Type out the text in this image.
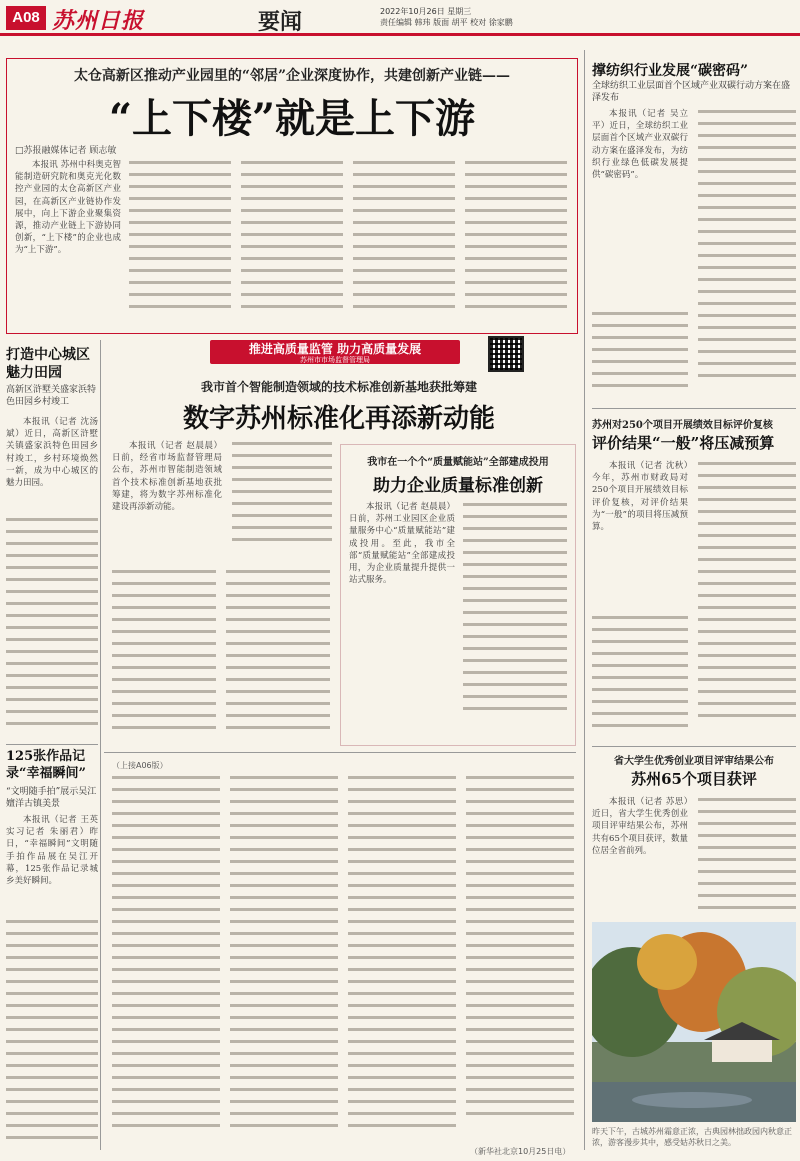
A08 苏州日报	要闻	2022年10月26日 星期三
责任编辑 韩玮 版面 胡平 校对 徐家鹏
太仓高新区推动产业园里的“邻居”企业深度协作，共建创新产业链——
“上下楼”就是上下游
□苏报融媒体记者 顾志敏
本报讯 苏州中科奥克智能制造研究院和奥克光化数控产业园的太仓高新区产业园，在高新区产业链协作发展中，向上下游企业聚集资源，推动产业链上下游协同创新，“上下楼”的企业也成为“上下游”。
推进高质量监管 助力高质量发展
苏州市市场监督管理局
我市首个智能制造领域的技术标准创新基地获批筹建
数字苏州标准化再添新动能
本报讯（记者 赵晨晨）日前，经省市场监督管理局公布，苏州市智能制造领域首个技术标准创新基地获批筹建，将为数字苏州标准化建设再添新动能。
我市在一个个“质量赋能站”全部建成投用
助力企业质量标准创新
本报讯（记者 赵晨晨）日前，苏州工业园区企业质量服务中心“质量赋能站”建成投用。至此，我市全部“质量赋能站”全部建成投用，为企业质量提升提供一站式服务。
（上接A06版）
（新华社北京10月25日电）
打造中心城区魅力田园
高新区浒墅关盛家浜特色田园乡村竣工
本报讯（记者 沈汤斌）近日，高新区浒墅关镇盛家浜特色田园乡村竣工，乡村环境焕然一新，成为中心城区的魅力田园。
125张作品记录“幸福瞬间”
“文明随手拍”展示吴江嬗洋古镇美景
本报讯（记者 王英 实习记者 朱丽君）昨日，“幸福瞬间”文明随手拍作品展在吴江开幕，125张作品记录城乡美好瞬间。
撑纺织行业发展“碳密码”
全球纺织工业层面首个区域产业双碳行动方案在盛泽发布
本报讯（记者 吴立平）近日，全球纺织工业层面首个区域产业双碳行动方案在盛泽发布，为纺织行业绿色低碳发展提供“碳密码”。
苏州对250个项目开展绩效目标评价复核
评价结果“一般”将压减预算
本报讯（记者 沈秋）今年，苏州市财政局对250个项目开展绩效目标评价复核，对评价结果为“一般”的项目将压减预算。
省大学生优秀创业项目评审结果公布
苏州65个项目获评
本报讯（记者 苏思）近日，省大学生优秀创业项目评审结果公布，苏州共有65个项目获评，数量位居全省前列。
昨天下午，古城苏州霜意正浓，古典园林拙政园内秋意正浓，游客漫步其中，感受姑苏秋日之美。
